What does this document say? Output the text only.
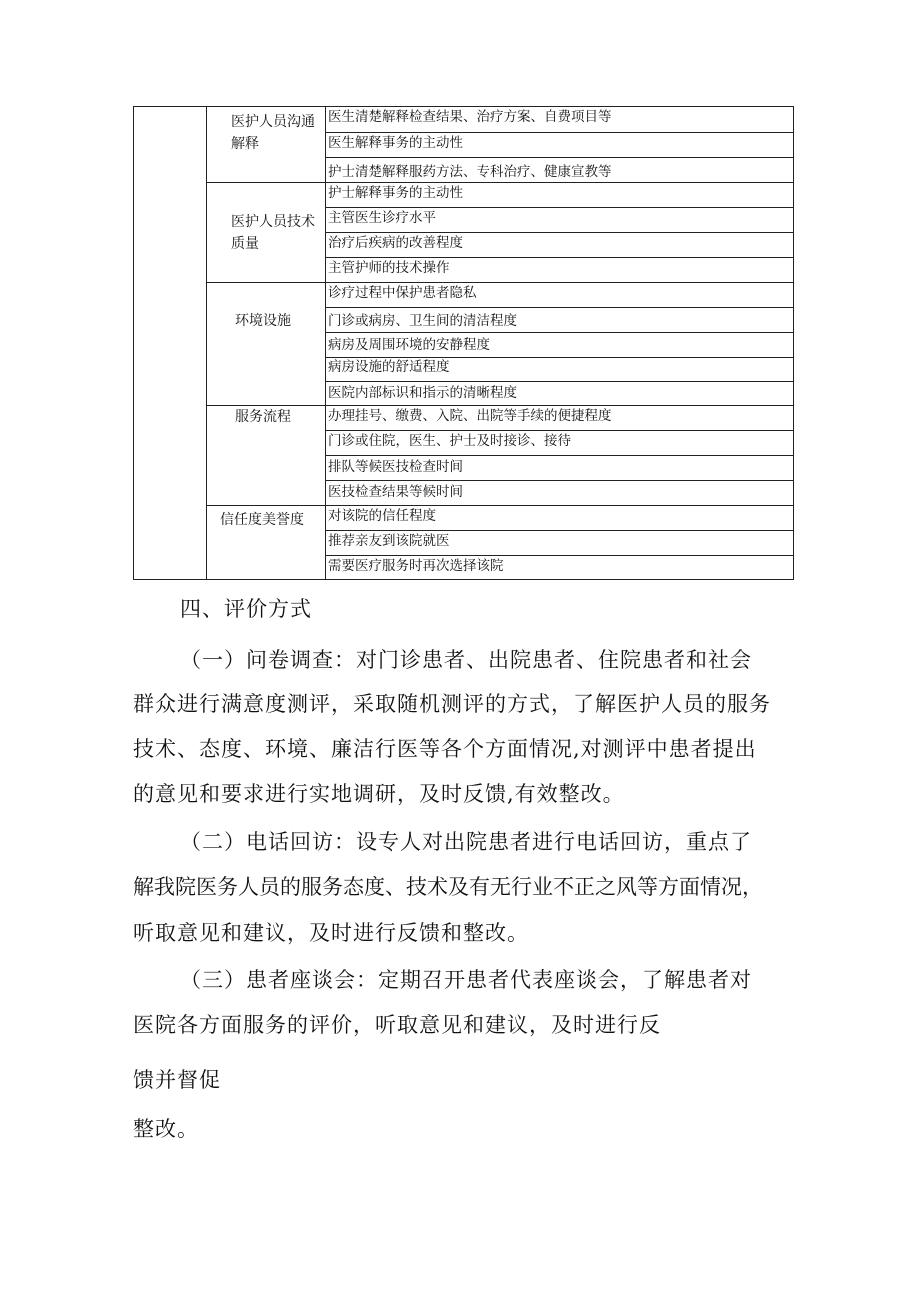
医护人员沟通解释
医护人员技术质量
环境设施
服务流程
信任度美誉度
医生清楚解释检查结果、治疗方案、自费项目等
医生解释事务的主动性
护士清楚解释服药方法、专科治疗、健康宣教等
护士解释事务的主动性
主管医生诊疗水平
治疗后疾病的改善程度
主管护师的技术操作
诊疗过程中保护患者隐私
门诊或病房、卫生间的清洁程度
病房及周围环境的安静程度
病房设施的舒适程度
医院内部标识和指示的清晰程度
办理挂号、缴费、入院、出院等手续的便捷程度
门诊或住院，医生、护士及时接诊、接待
排队等候医技检查时间
医技检查结果等候时间
对该院的信任程度
推荐亲友到该院就医
需要医疗服务时再次选择该院

四、评价方式

（一）问卷调查：对门诊患者、出院患者、住院患者和社会

群众进行满意度测评，采取随机测评的方式，了解医护人员的服务

技术、态度、环境、廉洁行医等各个方面情况,对测评中患者提出

的意见和要求进行实地调研，及时反馈,有效整改。

（二）电话回访：设专人对出院患者进行电话回访，重点了

解我院医务人员的服务态度、技术及有无行业不正之风等方面情况，

听取意见和建议，及时进行反馈和整改。

（三）患者座谈会：定期召开患者代表座谈会，了解患者对

医院各方面服务的评价，听取意见和建议，及时进行反

馈并督促

整改。
